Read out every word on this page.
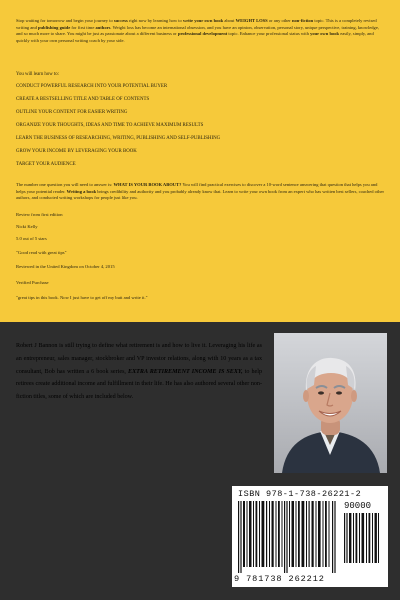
Stop waiting for tomorrow and begin your journey to success right now by learning how to write your own book about WEIGHT LOSS or any other non-fiction topic. This is a completely revised writing and publishing guide for first time authors. Weight loss has become an international obsession, and you have an opinion, observation, personal story, unique perspective, training, knowledge, and so much more to share. You might be just as passionate about a different business or professional development topic. Enhance your professional status with your own book easily, simply, and quickly with your own personal writing coach by your side.
You will learn how to:
CONDUCT POWERFUL RESEARCH INTO YOUR POTENTIAL BUYER
CREATE A BESTSELLING TITLE AND TABLE OF CONTENTS
OUTLINE YOUR CONTENT FOR EASIER WRITING
ORGANIZE YOUR THOUGHTS, IDEAS AND TIME TO ACHIEVE MAXIMUM RESULTS
LEARN THE BUSINESS OF RESEARCHING, WRITING, PUBLISHING AND SELF-PUBLISHING
GROW YOUR INCOME BY LEVERAGING YOUR BOOK
TARGET YOUR AUDIENCE
The number one question you will need to answer is: WHAT IS YOUR BOOK ABOUT? You will find practical exercises to discover a 10-word sentence answering that question that helps you and helps your potential reader. Writing a book brings credibility and authority and you probably already know that. Learn to write your own book from an expert who has written best sellers, coached other authors, and conducted writing workshops for people just like you.
Review from first edition
Nicki Kelly
5.0 out of 5 stars
"Good read with great tips"
Reviewed in the United Kingdom on October 4, 2015
Verified Purchase
"great tips in this book. Now I just have to get off my butt and write it."
Robert J Bannon is still trying to define what retirement is and how to live it. Leveraging his life as an entrepreneur, sales manager, stockbroker and VP investor relations, along with 10 years as a tax consultant, Bob has written a 6 book series, EXTRA RETIREMENT INCOME IS SEXY, to help retirees create additional income and fulfillment in their life. He has also authored several other non-fiction titles, some of which are included below.
ISBN 978-1-738-26221-2
90000
9 781738 262212
